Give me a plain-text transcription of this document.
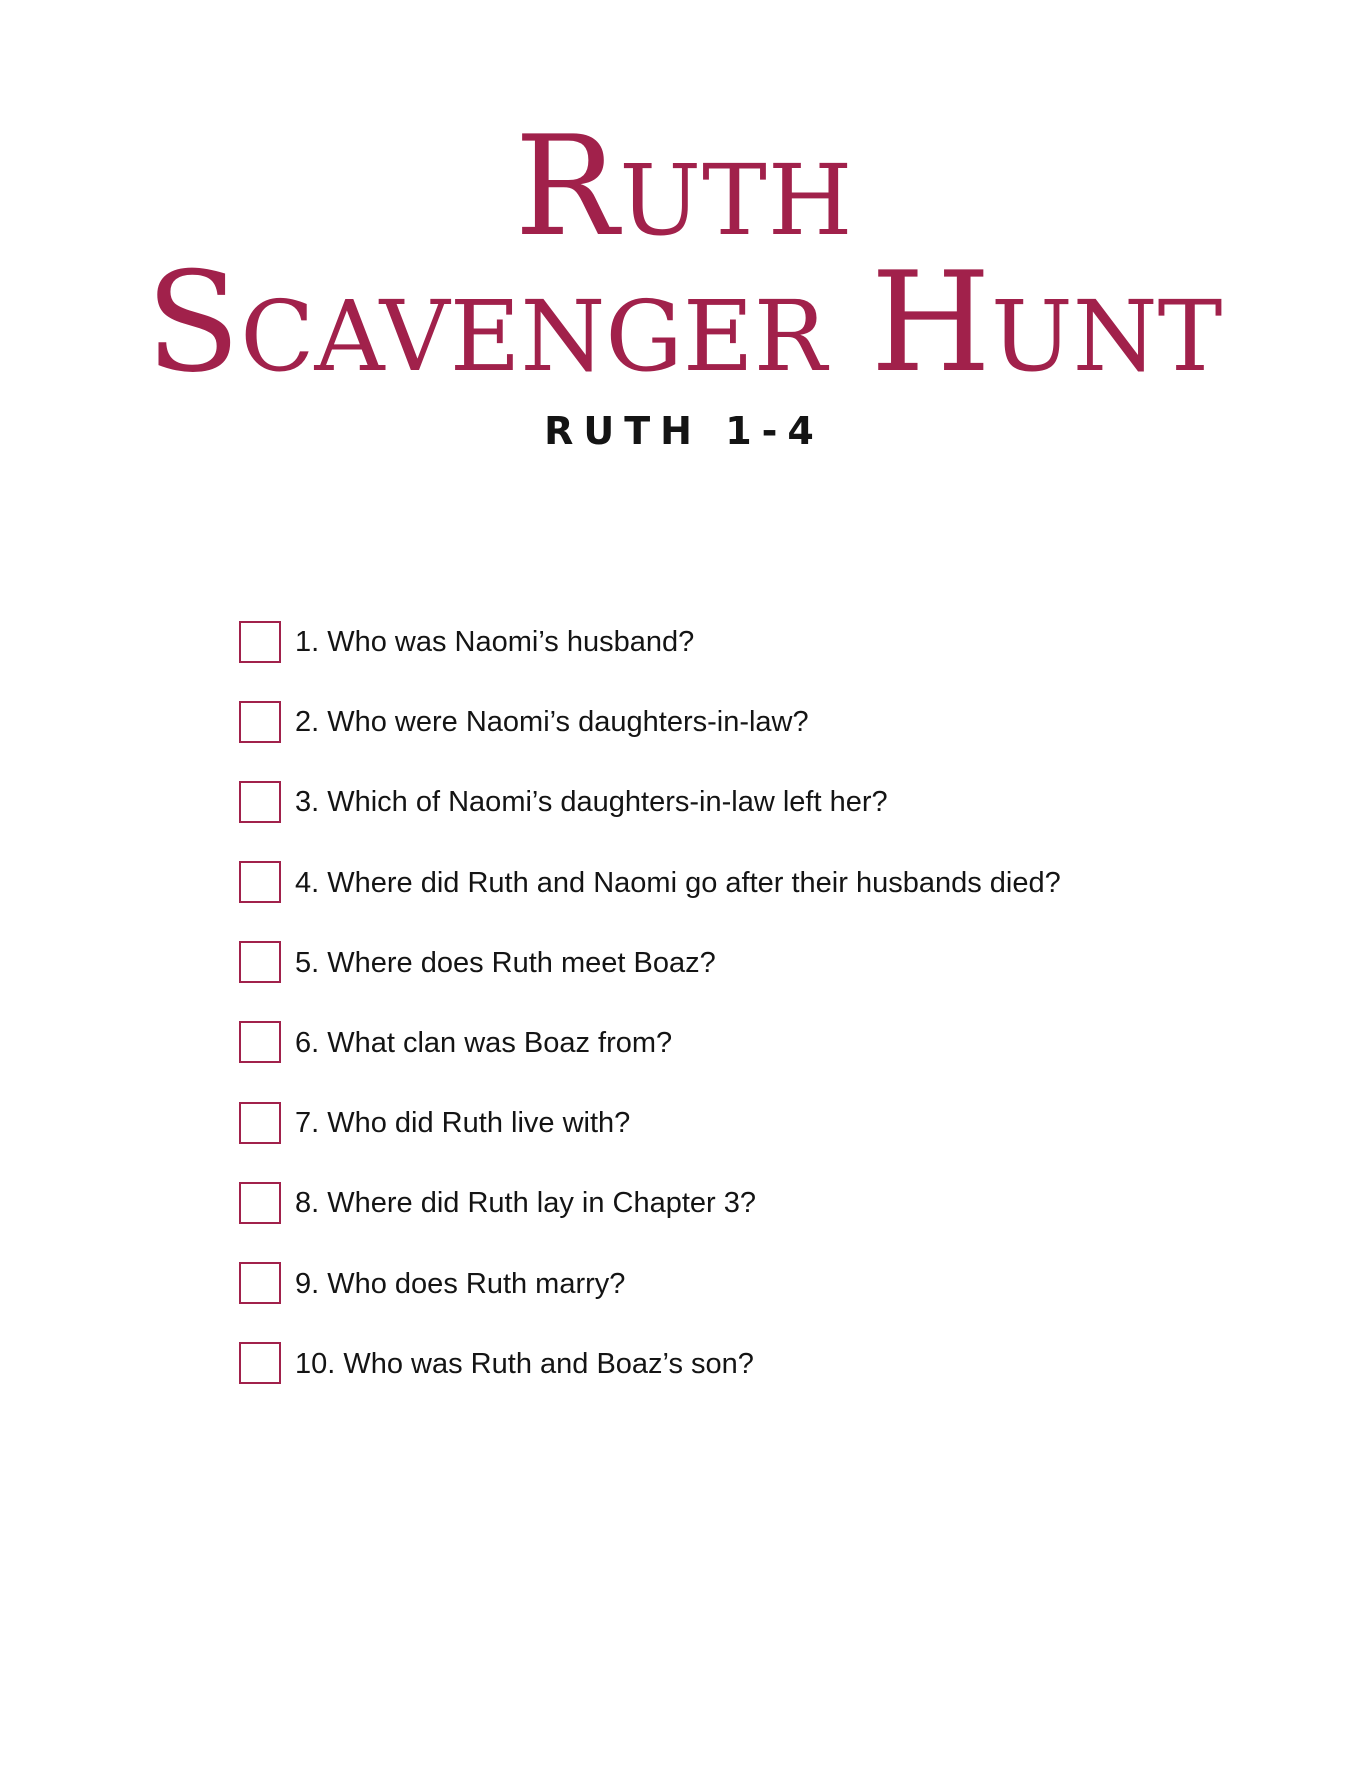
Ruth
Scavenger Hunt
RUTH 1-4
1. Who was Naomi’s husband?
2. Who were Naomi’s daughters-in-law?
3. Which of Naomi’s daughters-in-law left her?
4. Where did Ruth and Naomi go after their husbands died?
5. Where does Ruth meet Boaz?
6. What clan was Boaz from?
7. Who did Ruth live with?
8. Where did Ruth lay in Chapter 3?
9. Who does Ruth marry?
10. Who was Ruth and Boaz’s son?
